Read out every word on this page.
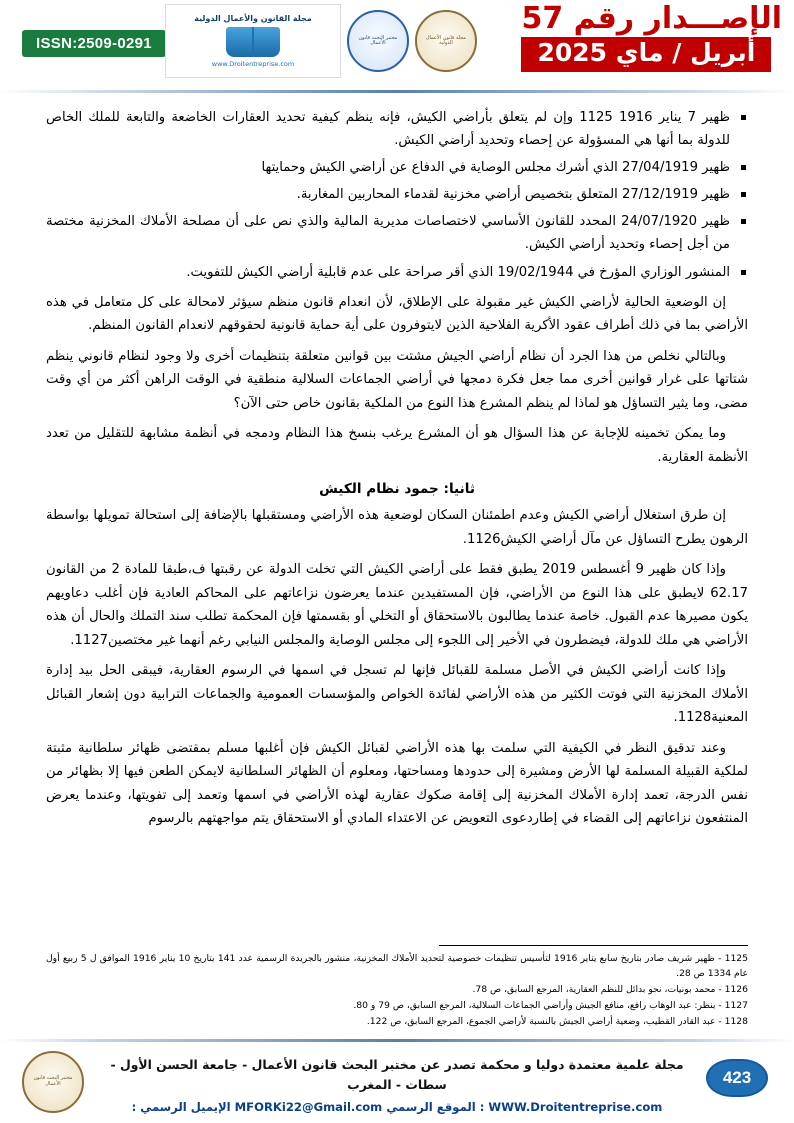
ISSN:2509-0291	مجلة قانون الأعمال الدولية
مختبر البحث قانون الأعمال
مجلة القانون والأعمال الدولية
www.Droitentreprise.com
الإصـــدار رقم 57
أبريل / ماي 2025
ظهير 7 يناير 1916 1125 وإن لم يتعلق بأراضي الكيش، فإنه ينظم كيفية تحديد العقارات الخاضعة والتابعة للملك الخاص للدولة بما أنها هي المسؤولة عن إحصاء وتحديد أراضي الكيش.
ظهير 27/04/1919 الذي أشرك مجلس الوصاية في الدفاع عن أراضي الكيش وحمايتها
ظهير 27/12/1919 المتعلق بتخصيص أراضي مخزنية لقدماء المحاربين المغاربة.
ظهير 24/07/1920 المحدد للقانون الأساسي لاختصاصات مديرية المالية والذي نص على أن مصلحة الأملاك المخزنية مختصة من أجل إحصاء وتحديد أراضي الكيش.
المنشور الوزاري المؤرخ في 19/02/1944 الذي أقر صراحة على عدم قابلية أراضي الكيش للتفويت.

إن الوضعية الحالية لأراضي الكيش غير مقبولة على الإطلاق، لأن انعدام قانون منظم سيؤثر لامحالة على كل متعامل في هذه الأراضي بما في ذلك أطراف عقود الأكرية الفلاحية الذين لايتوفرون على أية حماية قانونية لحقوقهم لانعدام القانون المنظم.

وبالتالي نخلص من هذا الجرد أن نظام أراضي الجيش مشتت بين قوانين متعلقة بتنظيمات أخرى ولا وجود لنظام قانوني ينظم شتاتها على غرار قوانين أخرى مما جعل فكرة دمجها في أراضي الجماعات السلالية منطقية في الوقت الراهن أكثر من أي وقت مضى، وما يثير التساؤل هو لماذا لم ينظم المشرع هذا النوع من الملكية بقانون خاص حتى الآن؟

وما يمكن تخمينه للإجابة عن هذا السؤال هو أن المشرع يرغب بنسخ هذا النظام ودمجه في أنظمة مشابهة للتقليل من تعدد الأنظمة العقارية.

ثانيا: جمود نظام الكيش

إن طرق استغلال أراضي الكيش وعدم اطمئنان السكان لوضعية هذه الأراضي ومستقبلها بالإضافة إلى استحالة تمويلها بواسطة الرهون يطرح التساؤل عن مآل أراضي الكيش1126.

وإذا كان ظهير 9 أغسطس 2019 يطبق فقط على أراضي الكيش التي تخلت الدولة عن رقبتها ف،طبقا للمادة 2 من القانون 62.17 لايطبق على هذا النوع من الأراضي، فإن المستفيدين عندما يعرضون نزاعاتهم على المحاكم العادية فإن أغلب دعاويهم يكون مصيرها عدم القبول. خاصة عندما يطالبون بالاستحقاق أو التخلي أو بقسمتها فإن المحكمة تطلب سند التملك والحال أن هذه الأراضي هي ملك للدولة، فيضطرون في الأخير إلى اللجوء إلى مجلس الوصاية والمجلس النيابي رغم أنهما غير مختصين1127.

وإذا كانت أراضي الكيش في الأصل مسلمة للقبائل فإنها لم تسجل في اسمها في الرسوم العقارية، فيبقى الحل بيد إدارة الأملاك المخزنية التي فوتت الكثير من هذه الأراضي لفائدة الخواص والمؤسسات العمومية والجماعات الترابية دون إشعار القبائل المعنية1128.

وعند تدقيق النظر في الكيفية التي سلمت بها هذه الأراضي لقبائل الكيش فإن أغلبها مسلم بمقتضى ظهائر سلطانية مثبتة لملكية القبيلة المسلمة لها الأرض ومشيرة إلى حدودها ومساحتها، ومعلوم أن الظهائر السلطانية لايمكن الطعن فيها إلا بظهائر من نفس الدرجة، تعمد إدارة الأملاك المخزنية إلى إقامة صكوك عقارية لهذه الأراضي في اسمها وتعمد إلى تفويتها، وعندما يعرض المنتفعون نزاعاتهم إلى القضاء في إطاردعوى التعويض عن الاعتداء المادي أو الاستحقاق يتم مواجهتهم بالرسوم

1125 - ظهير شريف صادر بتاريخ سابع يناير 1916 لتأسيس تنظيمات خصوصية لتحديد الأملاك المخزنية، منشور بالجريدة الرسمية عدد 141 بتاريخ 10 يناير 1916 الموافق ل 5 ربيع أول عام 1334 ص 28.
1126 - محمد بونيات، نحو بدائل للنظم العقارية، المرجع السابق، ص 78.
1127 - بنظر: عبد الوهاب رافع، منافع الجيش وأراضي الجماعات السلالية، المرجع السابق، ص 79 و 80.
1128 - عبد القادر القطيب، وضعية أراضي الجيش بالنسبة لأراضي الجموع، المرجع السابق، ص 122.
مختبر البحث قانون الأعمال
مجلة علمية معتمدة دوليا و محكمة تصدر عن مختبر البحث قانون الأعمال - جامعة الحسن الأول - سطات - المغرب
WWW.Droitentreprise.com : الموقع الرسمي MFORKi22@Gmail.com الإيميل الرسمي :
423
